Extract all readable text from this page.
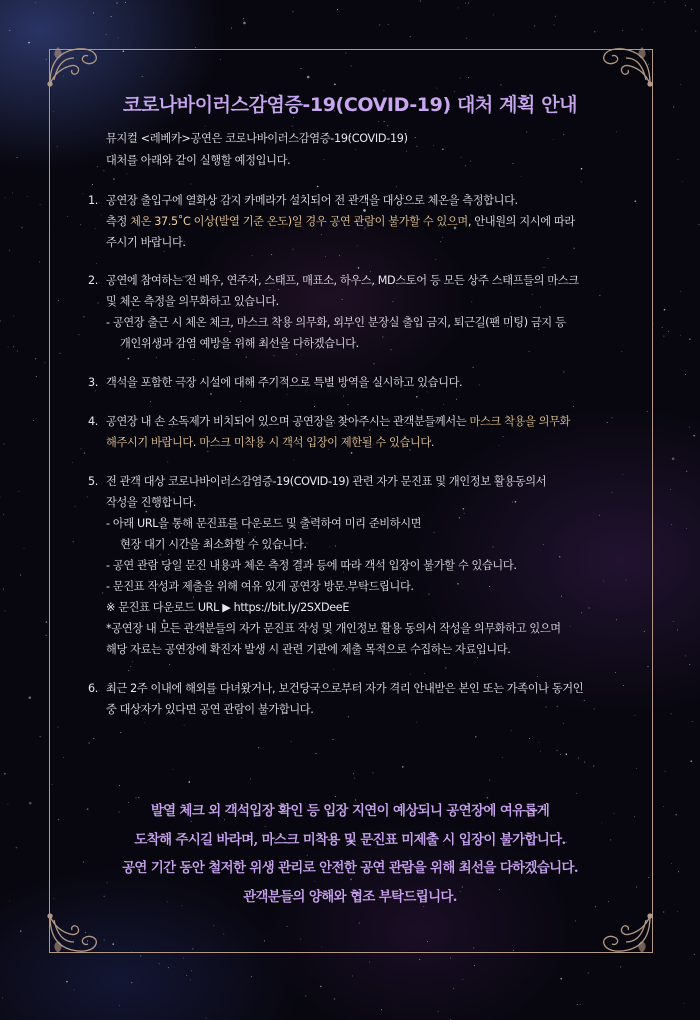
코로나바이러스감염증-19(COVID-19) 대처 계획 안내
뮤지컬 <레베카>공연은 코로나바이러스감염증-19(COVID-19)
대처를 아래와 같이 실행할 예정입니다.
1. 공연장 출입구에 열화상 감지 카메라가 설치되어 전 관객을 대상으로 체온을 측정합니다.
측정 체온 37.5˚C 이상(발열 기준 온도)일 경우 공연 관람이 불가할 수 있으며, 안내원의 지시에 따라
주시기 바랍니다.
2. 공연에 참여하는 전 배우, 연주자, 스태프, 매표소, 하우스, MD스토어 등 모든 상주 스태프들의 마스크
및 체온 측정을 의무화하고 있습니다.
- 공연장 출근 시 체온 체크, 마스크 착용 의무화, 외부인 분장실 출입 금지, 퇴근길(팬 미팅) 금지 등
개인위생과 감염 예방을 위해 최선을 다하겠습니다.
3. 객석을 포함한 극장 시설에 대해 주기적으로 특별 방역을 실시하고 있습니다.
4. 공연장 내 손 소독제가 비치되어 있으며 공연장을 찾아주시는 관객분들께서는 마스크 착용을 의무화
해주시기 바랍니다. 마스크 미착용 시 객석 입장이 제한될 수 있습니다.
5. 전 관객 대상 코로나바이러스감염증-19(COVID-19) 관련 자가 문진표 및 개인정보 활용동의서
작성을 진행합니다.
- 아래 URL을 통해 문진표를 다운로드 및 출력하여 미리 준비하시면
현장 대기 시간을 최소화할 수 있습니다.
- 공연 관람 당일 문진 내용과 체온 측정 결과 등에 따라 객석 입장이 불가할 수 있습니다.
- 문진표 작성과 제출을 위해 여유 있게 공연장 방문 부탁드립니다.
※ 문진표 다운로드 URL ▶ https://bit.ly/2SXDeeE
*공연장 내 모든 관객분들의 자가 문진표 작성 및 개인정보 활용 동의서 작성을 의무화하고 있으며
해당 자료는 공연장에 확진자 발생 시 관련 기관에 제출 목적으로 수집하는 자료입니다.
6. 최근 2주 이내에 해외를 다녀왔거나, 보건당국으로부터 자가 격리 안내받은 본인 또는 가족이나 동거인
중 대상자가 있다면 공연 관람이 불가합니다.
발열 체크 외 객석입장 확인 등 입장 지연이 예상되니 공연장에 여유롭게
도착해 주시길 바라며, 마스크 미착용 및 문진표 미제출 시 입장이 불가합니다.
공연 기간 동안 철저한 위생 관리로 안전한 공연 관람을 위해 최선을 다하겠습니다.
관객분들의 양해와 협조 부탁드립니다.
